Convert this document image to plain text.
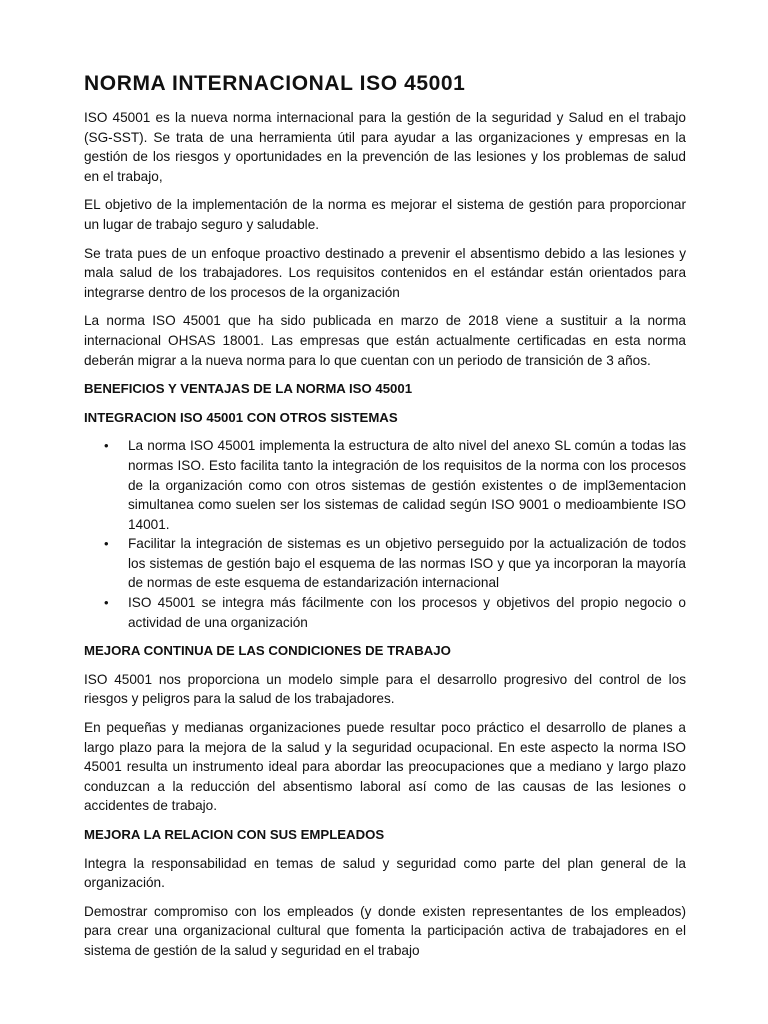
NORMA INTERNACIONAL ISO 45001

ISO 45001 es la nueva norma internacional para la gestión de la seguridad y Salud en el trabajo (SG-SST). Se trata de una herramienta útil para ayudar a las organizaciones y empresas en la gestión de los riesgos y oportunidades en la prevención de las lesiones y los problemas de salud en el trabajo,

EL objetivo de la implementación de la norma es mejorar el sistema de gestión para proporcionar un lugar de trabajo seguro y saludable.

Se trata pues de un enfoque proactivo destinado a prevenir el absentismo debido a las lesiones y mala salud de los trabajadores. Los requisitos contenidos en el estándar están orientados para integrarse dentro de los procesos de la organización

La norma ISO 45001 que ha sido publicada en marzo de 2018 viene a sustituir a la norma internacional OHSAS 18001. Las empresas que están actualmente certificadas en esta norma deberán migrar a la nueva norma para lo que cuentan con un periodo de transición de 3 años.

BENEFICIOS Y VENTAJAS DE LA NORMA ISO 45001
INTEGRACION ISO 45001 CON OTROS SISTEMAS
• La norma ISO 45001 implementa la estructura de alto nivel del anexo SL común a todas las normas ISO. Esto facilita tanto la integración de los requisitos de la norma con los procesos de la organización como con otros sistemas de gestión existentes o de impl3ementacion simultanea como suelen ser los sistemas de calidad según ISO 9001 o medioambiente ISO 14001.
• Facilitar la integración de sistemas es un objetivo perseguido por la actualización de todos los sistemas de gestión bajo el esquema de las normas ISO y que ya incorporan la mayoría de normas de este esquema de estandarización internacional
• ISO 45001 se integra más fácilmente con los procesos y objetivos del propio negocio o actividad de una organización
MEJORA CONTINUA DE LAS CONDICIONES DE TRABAJO

ISO 45001 nos proporciona un modelo simple para el desarrollo progresivo del control de los riesgos y peligros para la salud de los trabajadores.

En pequeñas y medianas organizaciones puede resultar poco práctico el desarrollo de planes a largo plazo para la mejora de la salud y la seguridad ocupacional. En este aspecto la norma ISO 45001 resulta un instrumento ideal para abordar las preocupaciones que a mediano y largo plazo conduzcan a la reducción del absentismo laboral así como de las causas de las lesiones o accidentes de trabajo.

MEJORA LA RELACION CON SUS EMPLEADOS

Integra la responsabilidad en temas de salud y seguridad como parte del plan general de la organización.

Demostrar compromiso con los empleados (y donde existen representantes de los empleados) para crear una organizacional cultural que fomenta la participación activa de trabajadores en el sistema de gestión de la salud y seguridad en el trabajo
